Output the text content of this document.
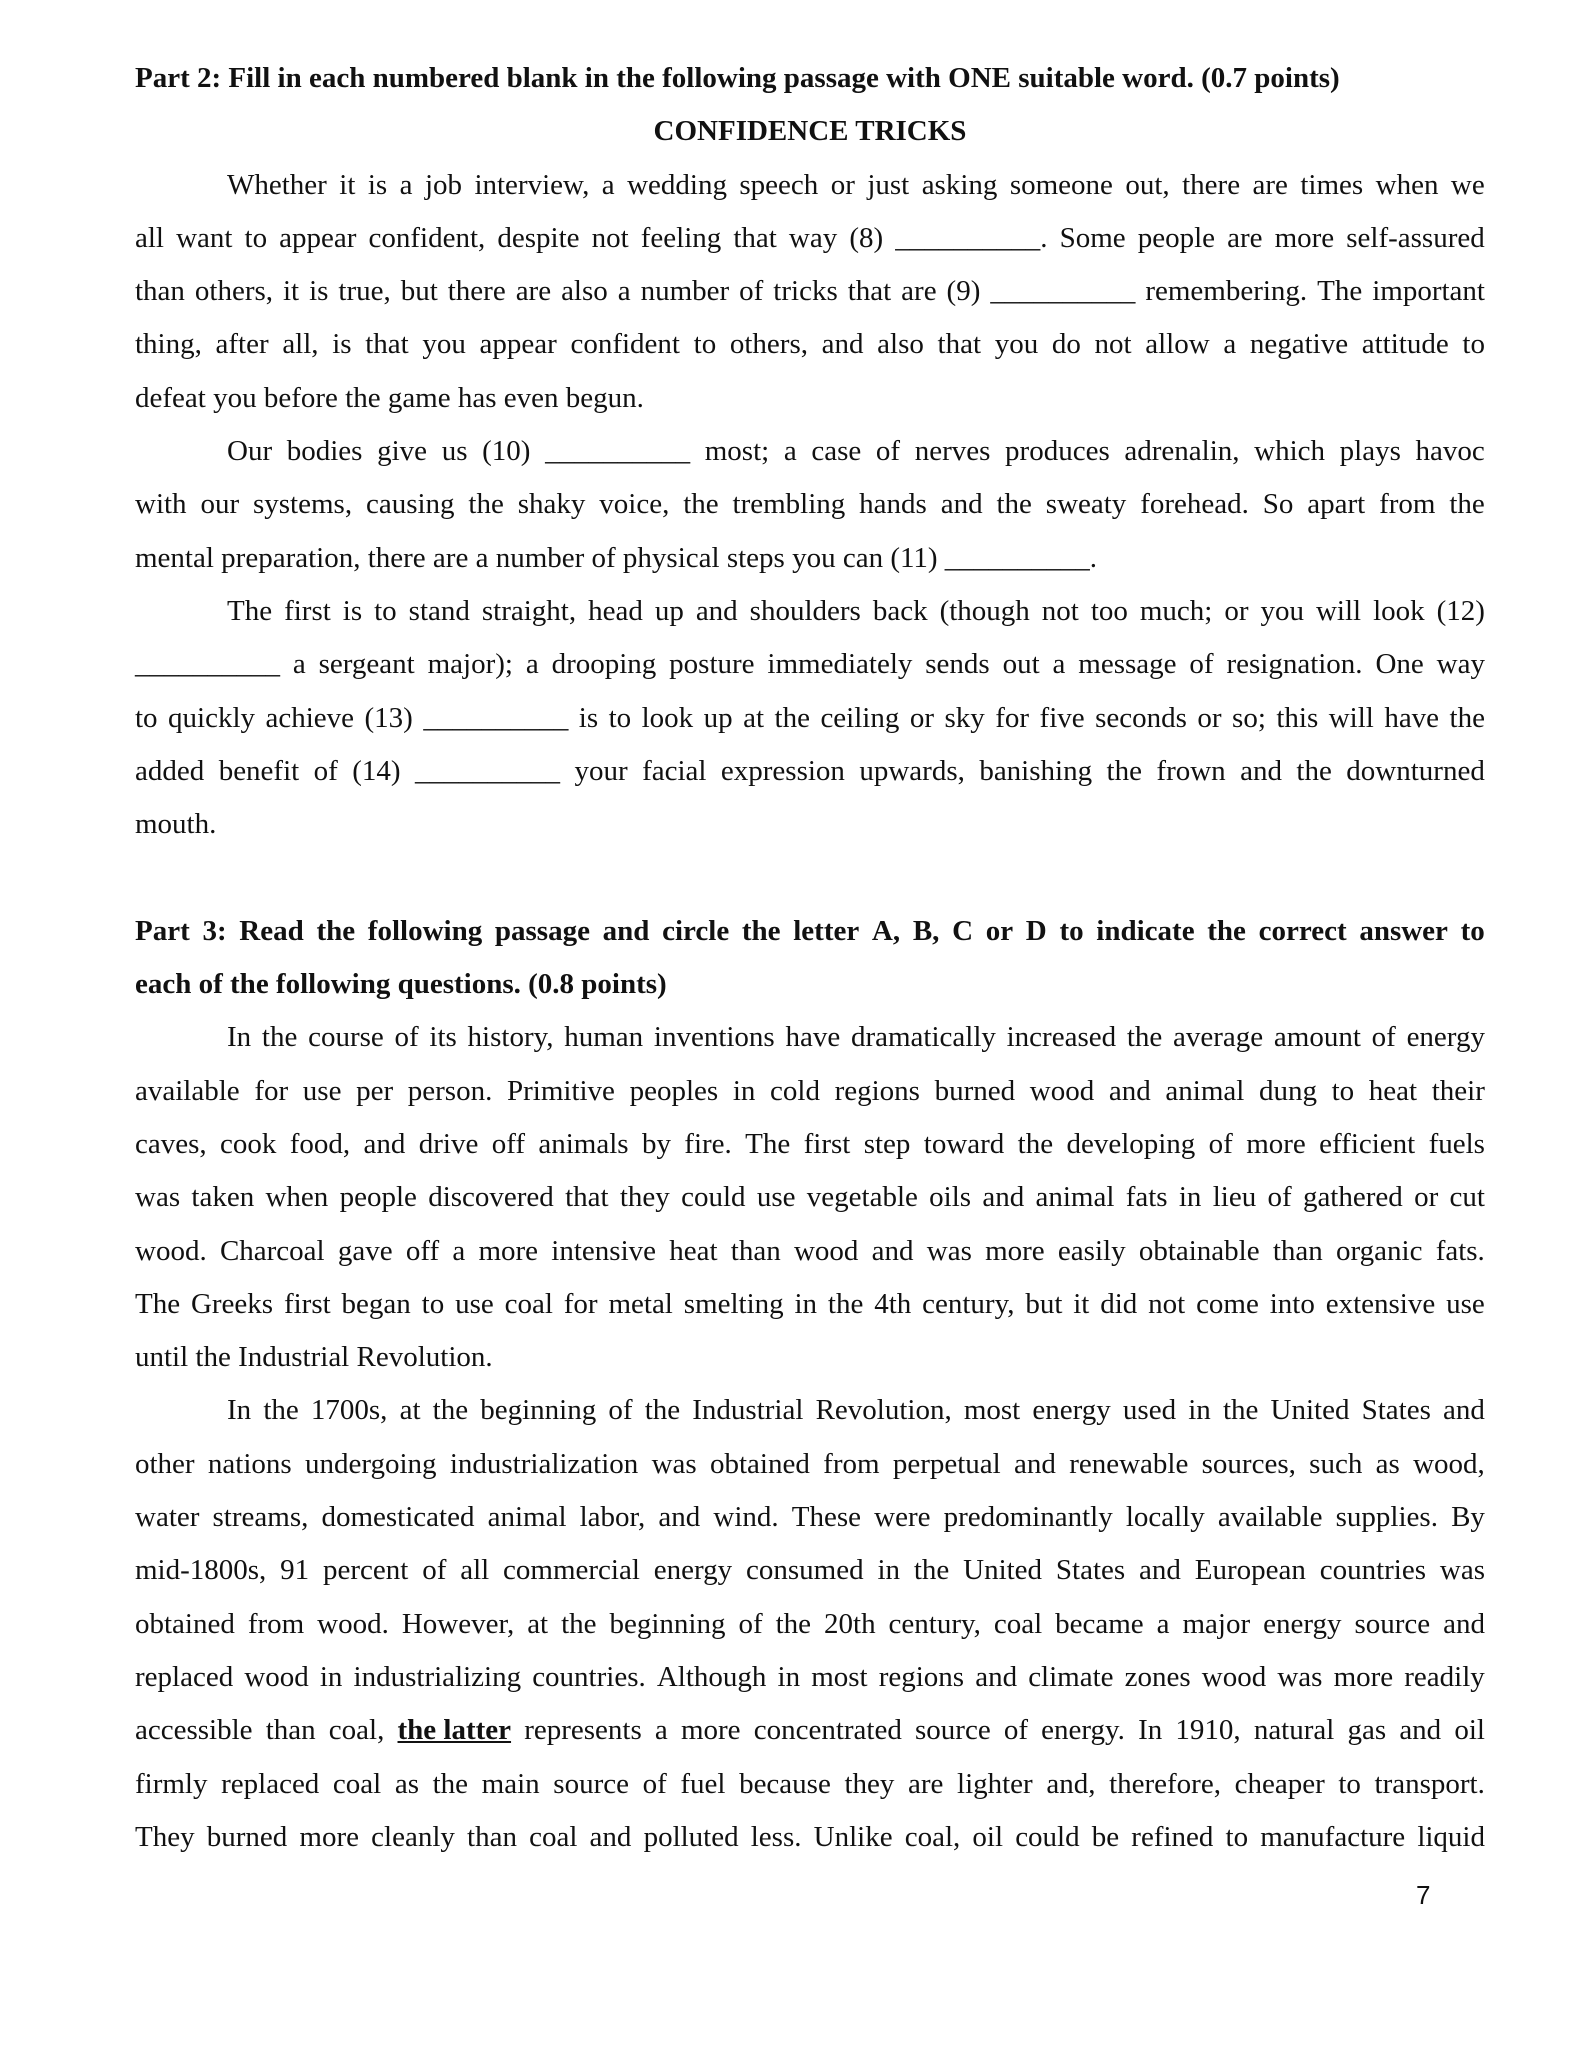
Part 2: Fill in each numbered blank in the following passage with ONE suitable word. (0.7 points)
CONFIDENCE TRICKS
Whether it is a job interview, a wedding speech or just asking someone out, there are times when we
all want to appear confident, despite not feeling that way (8) __________. Some people are more self-assured
than others, it is true, but there are also a number of tricks that are (9) __________ remembering. The important
thing, after all, is that you appear confident to others, and also that you do not allow a negative attitude to
defeat you before the game has even begun.
Our bodies give us (10) __________ most; a case of nerves produces adrenalin, which plays havoc
with our systems, causing the shaky voice, the trembling hands and the sweaty forehead. So apart from the
mental preparation, there are a number of physical steps you can (11) __________.
The first is to stand straight, head up and shoulders back (though not too much; or you will look (12)
__________ a sergeant major); a drooping posture immediately sends out a message of resignation. One way
to quickly achieve (13) __________ is to look up at the ceiling or sky for five seconds or so; this will have the
added benefit of (14) __________ your facial expression upwards, banishing the frown and the downturned
mouth.
Part 3: Read the following passage and circle the letter A, B, C or D to indicate the correct answer to
each of the following questions. (0.8 points)
In the course of its history, human inventions have dramatically increased the average amount of energy
available for use per person. Primitive peoples in cold regions burned wood and animal dung to heat their
caves, cook food, and drive off animals by fire. The first step toward the developing of more efficient fuels
was taken when people discovered that they could use vegetable oils and animal fats in lieu of gathered or cut
wood. Charcoal gave off a more intensive heat than wood and was more easily obtainable than organic fats.
The Greeks first began to use coal for metal smelting in the 4th century, but it did not come into extensive use
until the Industrial Revolution.
In the 1700s, at the beginning of the Industrial Revolution, most energy used in the United States and
other nations undergoing industrialization was obtained from perpetual and renewable sources, such as wood,
water streams, domesticated animal labor, and wind. These were predominantly locally available supplies. By
mid-1800s, 91 percent of all commercial energy consumed in the United States and European countries was
obtained from wood. However, at the beginning of the 20th century, coal became a major energy source and
replaced wood in industrializing countries. Although in most regions and climate zones wood was more readily
accessible than coal, the latter represents a more concentrated source of energy. In 1910, natural gas and oil
firmly replaced coal as the main source of fuel because they are lighter and, therefore, cheaper to transport.
They burned more cleanly than coal and polluted less. Unlike coal, oil could be refined to manufacture liquid
7
